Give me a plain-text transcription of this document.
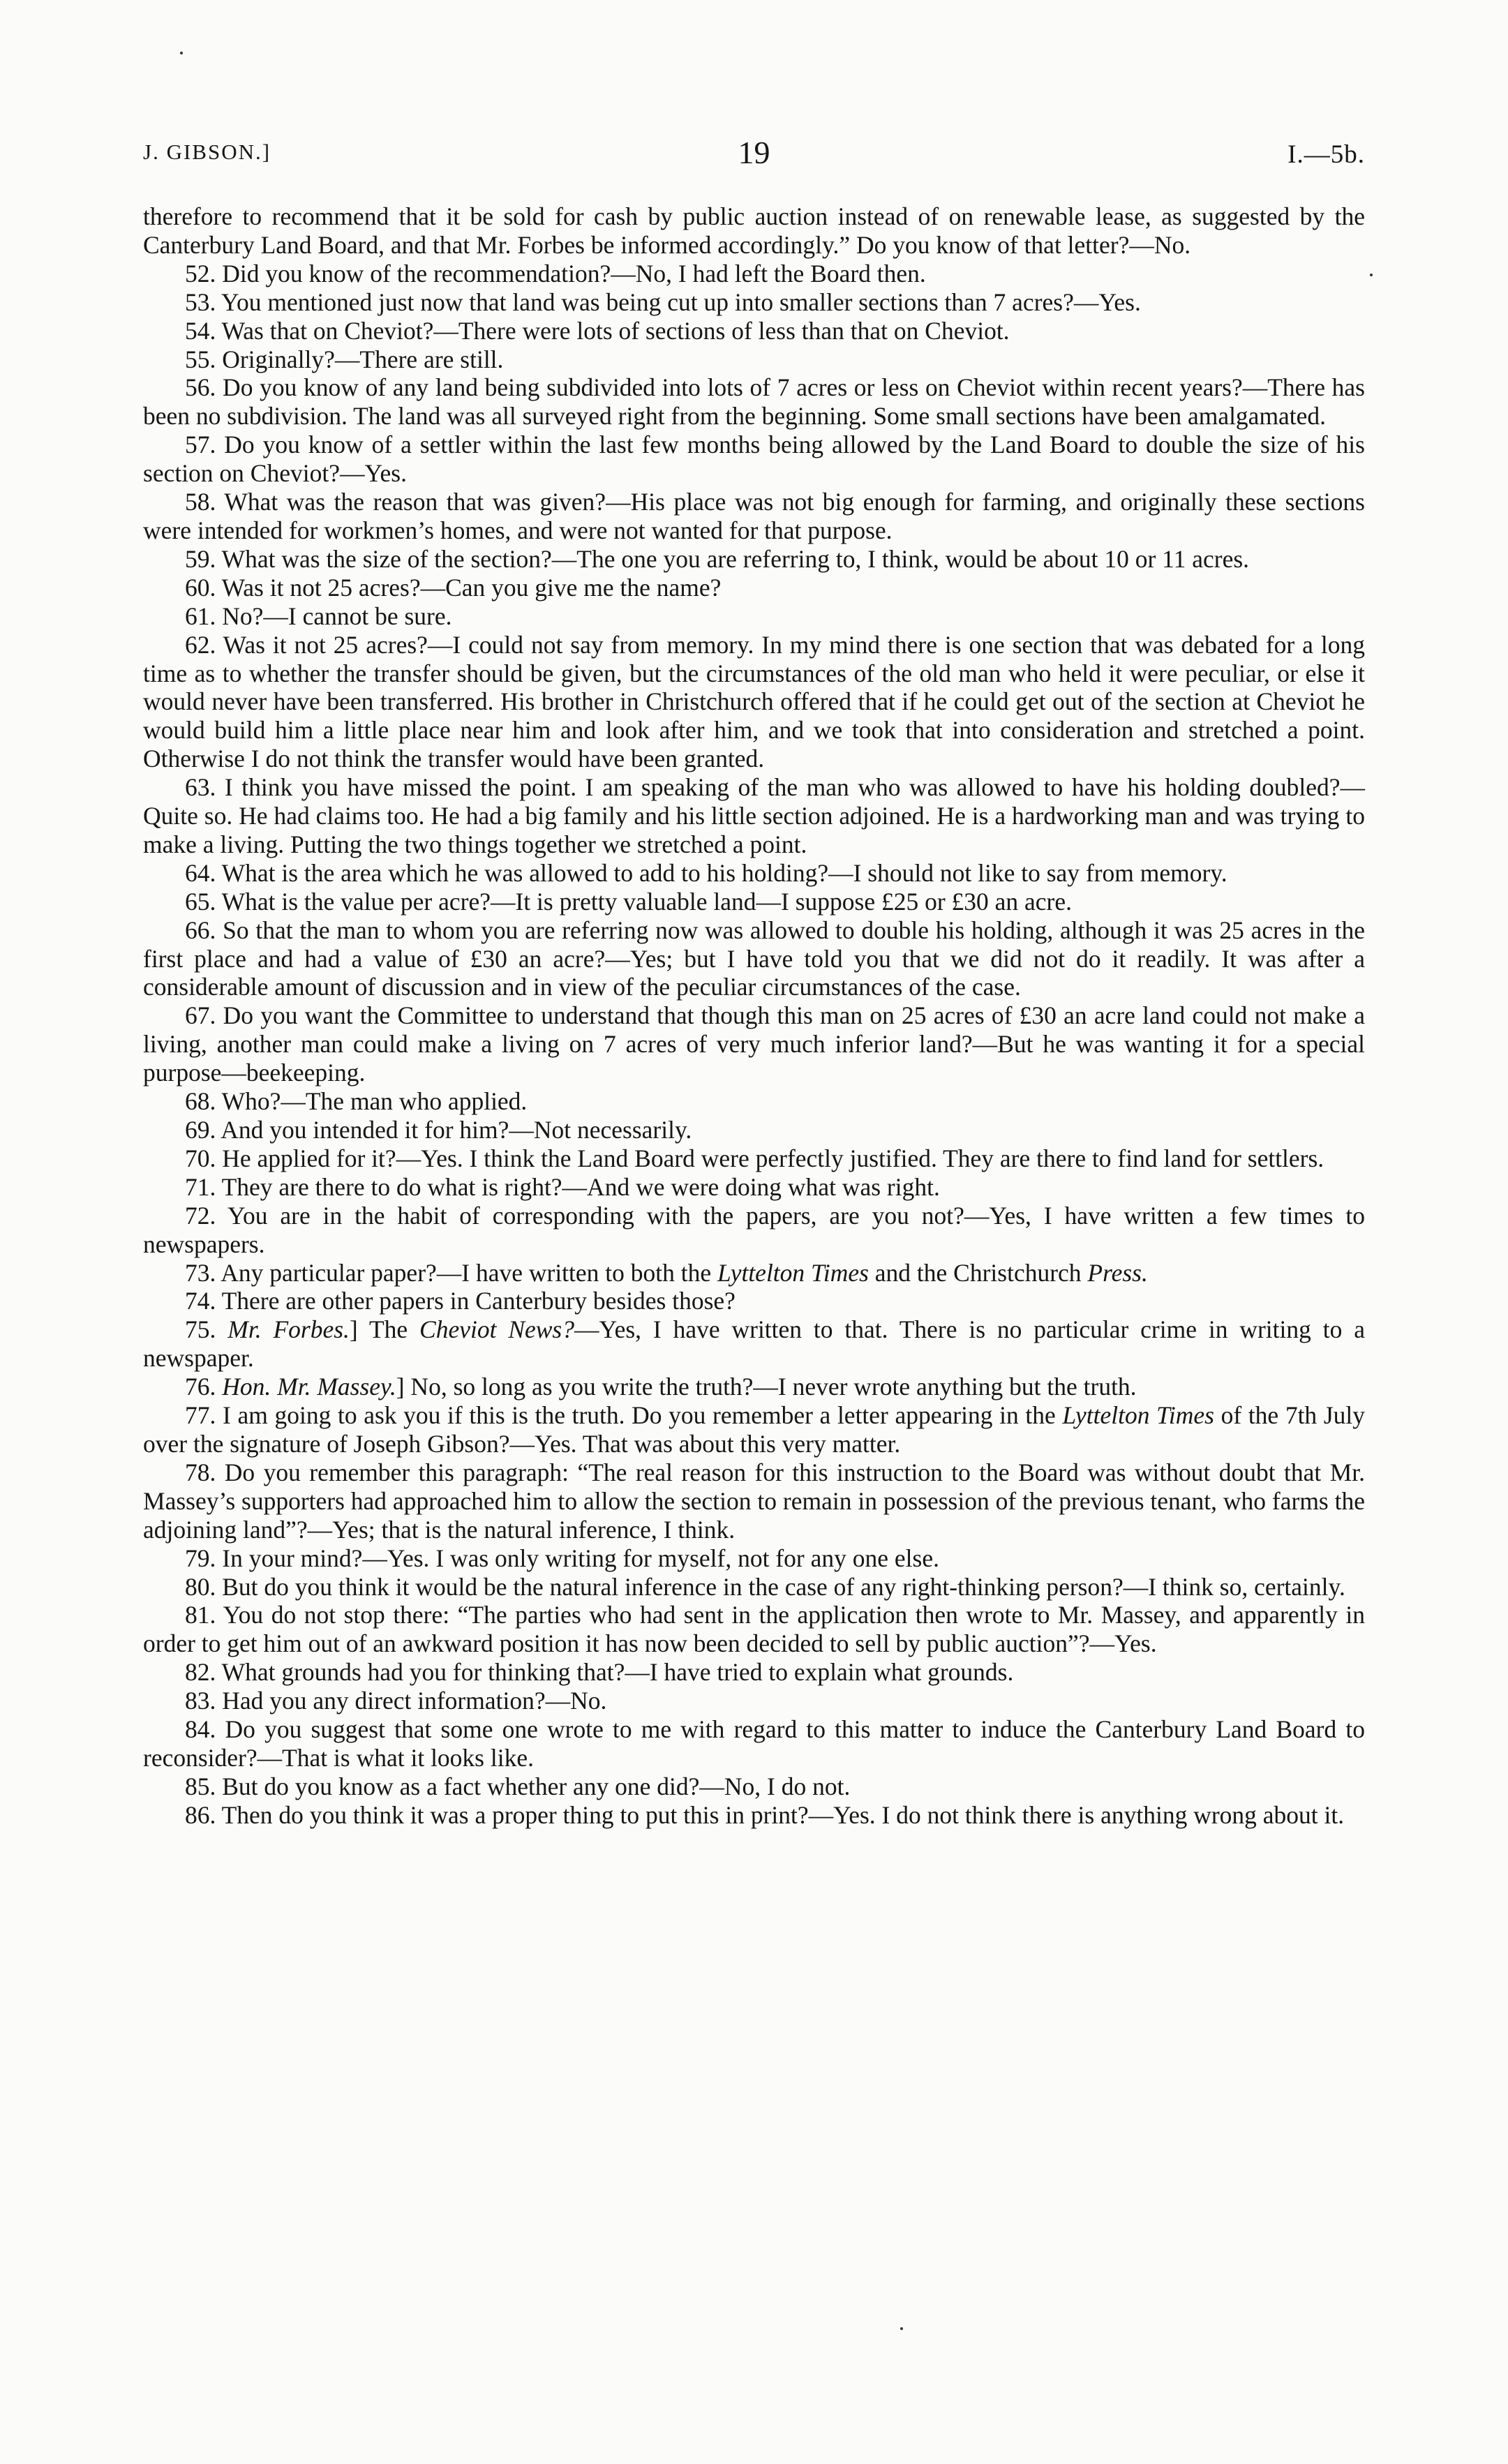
J. GIBSON.]	19	I.—5b.

therefore to recommend that it be sold for cash by public auction instead of on renewable lease, as suggested by the Canterbury Land Board, and that Mr. Forbes be informed accordingly.” Do you know of that letter?—No.

52. Did you know of the recommendation?—No, I had left the Board then.

53. You mentioned just now that land was being cut up into smaller sections than 7 acres?—Yes.

54. Was that on Cheviot?—There were lots of sections of less than that on Cheviot.

55. Originally?—There are still.

56. Do you know of any land being subdivided into lots of 7 acres or less on Cheviot within recent years?—There has been no subdivision. The land was all surveyed right from the beginning. Some small sections have been amalgamated.

57. Do you know of a settler within the last few months being allowed by the Land Board to double the size of his section on Cheviot?—Yes.

58. What was the reason that was given?—His place was not big enough for farming, and originally these sections were intended for workmen’s homes, and were not wanted for that purpose.

59. What was the size of the section?—The one you are referring to, I think, would be about 10 or 11 acres.

60. Was it not 25 acres?—Can you give me the name?

61. No?—I cannot be sure.

62. Was it not 25 acres?—I could not say from memory. In my mind there is one section that was debated for a long time as to whether the transfer should be given, but the circumstances of the old man who held it were peculiar, or else it would never have been transferred. His brother in Christchurch offered that if he could get out of the section at Cheviot he would build him a little place near him and look after him, and we took that into consideration and stretched a point. Otherwise I do not think the transfer would have been granted.

63. I think you have missed the point. I am speaking of the man who was allowed to have his holding doubled?—Quite so. He had claims too. He had a big family and his little section adjoined. He is a hardworking man and was trying to make a living. Putting the two things together we stretched a point.

64. What is the area which he was allowed to add to his holding?—I should not like to say from memory.

65. What is the value per acre?—It is pretty valuable land—I suppose £25 or £30 an acre.

66. So that the man to whom you are referring now was allowed to double his holding, although it was 25 acres in the first place and had a value of £30 an acre?—Yes; but I have told you that we did not do it readily. It was after a considerable amount of discussion and in view of the peculiar circumstances of the case.

67. Do you want the Committee to understand that though this man on 25 acres of £30 an acre land could not make a living, another man could make a living on 7 acres of very much inferior land?—But he was wanting it for a special purpose—beekeeping.

68. Who?—The man who applied.

69. And you intended it for him?—Not necessarily.

70. He applied for it?—Yes. I think the Land Board were perfectly justified. They are there to find land for settlers.

71. They are there to do what is right?—And we were doing what was right.

72. You are in the habit of corresponding with the papers, are you not?—Yes, I have written a few times to newspapers.

73. Any particular paper?—I have written to both the Lyttelton Times and the Christchurch Press.

74. There are other papers in Canterbury besides those?

75. Mr. Forbes.] The Cheviot News?—Yes, I have written to that. There is no particular crime in writing to a newspaper.

76. Hon. Mr. Massey.] No, so long as you write the truth?—I never wrote anything but the truth.

77. I am going to ask you if this is the truth. Do you remember a letter appearing in the Lyttelton Times of the 7th July over the signature of Joseph Gibson?—Yes. That was about this very matter.

78. Do you remember this paragraph: “The real reason for this instruction to the Board was without doubt that Mr. Massey’s supporters had approached him to allow the section to remain in possession of the previous tenant, who farms the adjoining land”?—Yes; that is the natural inference, I think.

79. In your mind?—Yes. I was only writing for myself, not for any one else.

80. But do you think it would be the natural inference in the case of any right-thinking person?—I think so, certainly.

81. You do not stop there: “The parties who had sent in the application then wrote to Mr. Massey, and apparently in order to get him out of an awkward position it has now been decided to sell by public auction”?—Yes.

82. What grounds had you for thinking that?—I have tried to explain what grounds.

83. Had you any direct information?—No.

84. Do you suggest that some one wrote to me with regard to this matter to induce the Canterbury Land Board to reconsider?—That is what it looks like.

85. But do you know as a fact whether any one did?—No, I do not.

86. Then do you think it was a proper thing to put this in print?—Yes. I do not think there is anything wrong about it.
